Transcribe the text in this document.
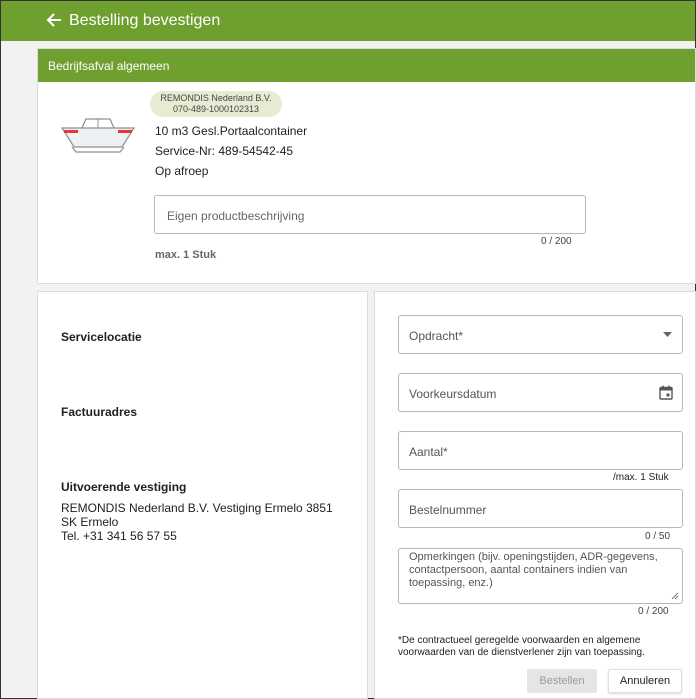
Bestelling bevestigen
Bedrijfsafval algemeen
REMONDIS Nederland B.V.
070-489-1000102313
10 m3 Gesl.Portaalcontainer
Service-Nr: 489-54542-45
Op afroep
Eigen productbeschrijving
0 / 200
max. 1 Stuk
Servicelocatie
Factuuradres
Uitvoerende vestiging
REMONDIS Nederland B.V. Vestiging Ermelo 3851
SK Ermelo
Tel. +31 341 56 57 55
Opdracht*
Voorkeursdatum
Aantal*
/max. 1 Stuk
Bestelnummer
0 / 50
Opmerkingen (bijv. openingstijden, ADR-gegevens, contactpersoon, aantal containers indien van toepassing, enz.)
0 / 200
*De contractueel geregelde voorwaarden en algemene voorwaarden van de dienstverlener zijn van toepassing.
Bestellen	Annuleren
